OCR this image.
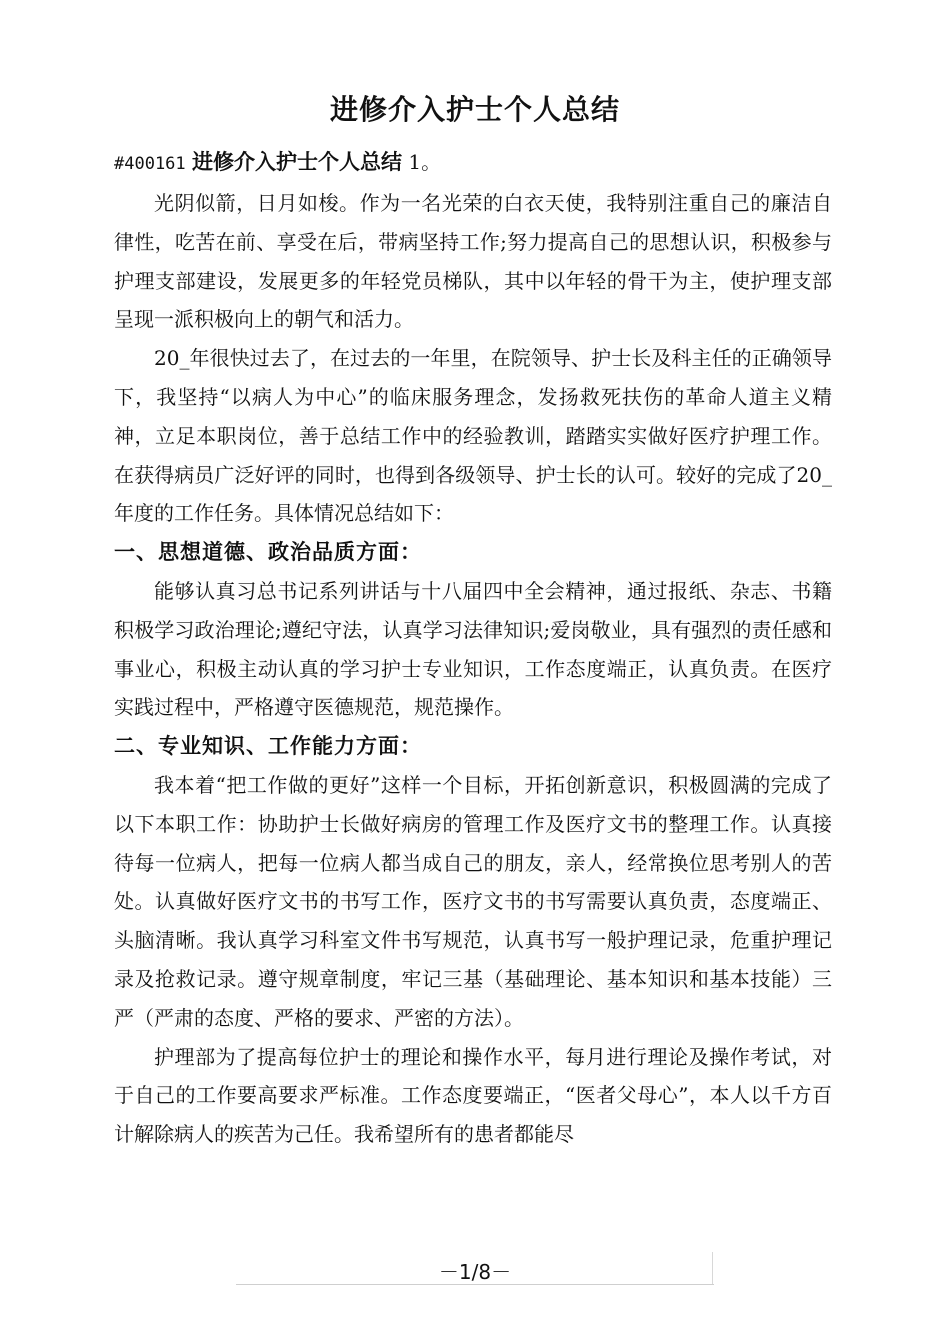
进修介入护士个人总结
#400161 进修介入护士个人总结 1。

光阴似箭，日月如梭。作为一名光荣的白衣天使，我特别注重自己的廉洁自律性，吃苦在前、享受在后，带病坚持工作;努力提高自己的思想认识，积极参与护理支部建设，发展更多的年轻党员梯队，其中以年轻的骨干为主，使护理支部呈现一派积极向上的朝气和活力。

20_年很快过去了，在过去的一年里，在院领导、护士长及科主任的正确领导下，我坚持“以病人为中心”的临床服务理念，发扬救死扶伤的革命人道主义精神，立足本职岗位，善于总结工作中的经验教训，踏踏实实做好医疗护理工作。在获得病员广泛好评的同时，也得到各级领导、护士长的认可。较好的完成了20_年度的工作任务。具体情况总结如下：

一、思想道德、政治品质方面：

能够认真习总书记系列讲话与十八届四中全会精神，通过报纸、杂志、书籍积极学习政治理论;遵纪守法，认真学习法律知识;爱岗敬业，具有强烈的责任感和事业心，积极主动认真的学习护士专业知识，工作态度端正，认真负责。在医疗实践过程中，严格遵守医德规范，规范操作。

二、专业知识、工作能力方面：

我本着“把工作做的更好”这样一个目标，开拓创新意识，积极圆满的完成了以下本职工作：协助护士长做好病房的管理工作及医疗文书的整理工作。认真接待每一位病人，把每一位病人都当成自己的朋友，亲人，经常换位思考别人的苦处。认真做好医疗文书的书写工作，医疗文书的书写需要认真负责，态度端正、头脑清晰。我认真学习科室文件书写规范，认真书写一般护理记录，危重护理记录及抢救记录。遵守规章制度，牢记三基（基础理论、基本知识和基本技能）三严（严肃的态度、严格的要求、严密的方法）。

护理部为了提高每位护士的理论和操作水平，每月进行理论及操作考试，对于自己的工作要高要求严标准。工作态度要端正，“医者父母心”，本人以千方百计解除病人的疾苦为己任。我希望所有的患者都能尽

－1/8－
